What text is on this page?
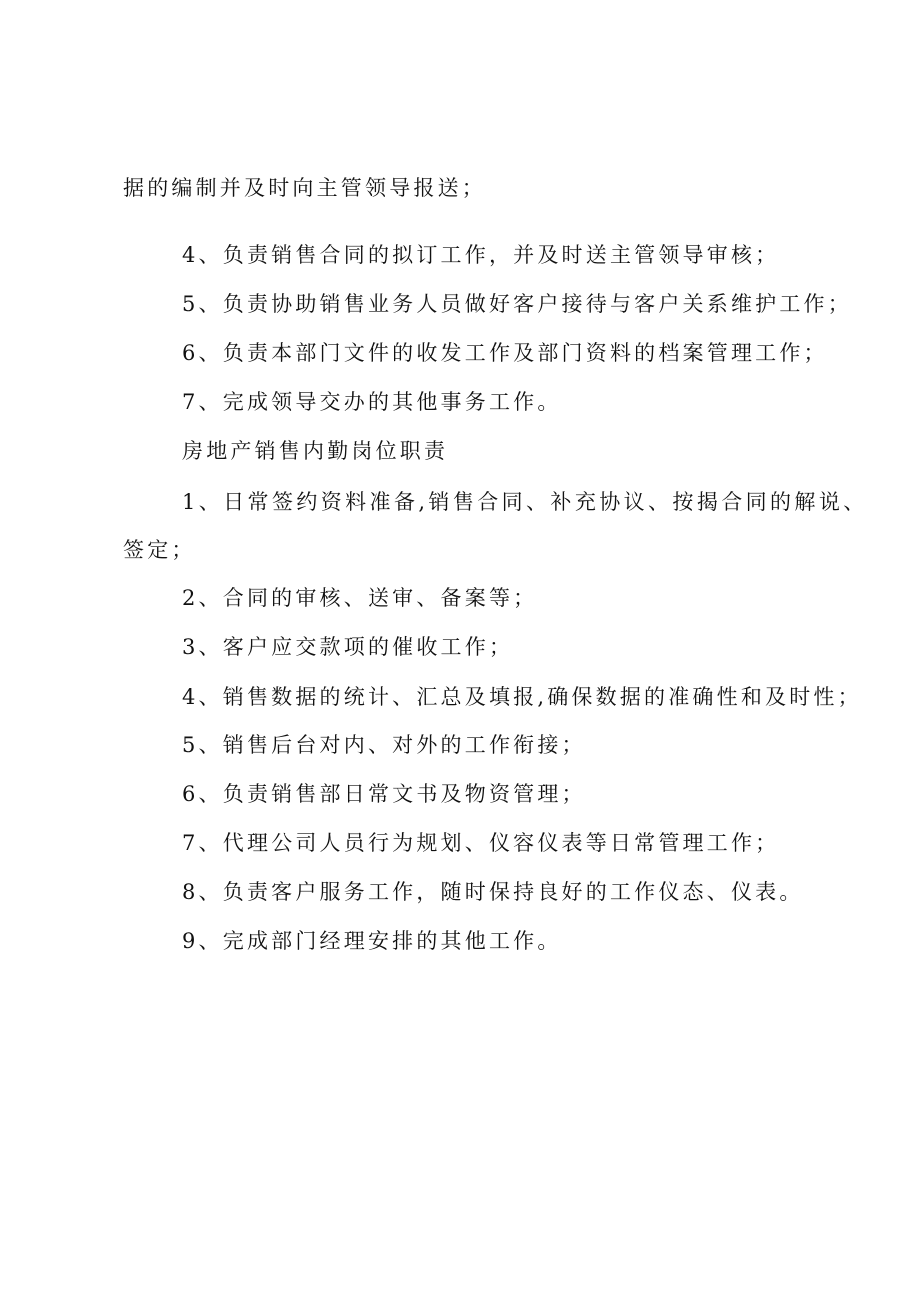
据的编制并及时向主管领导报送；
4、负责销售合同的拟订工作，并及时送主管领导审核；
5、负责协助销售业务人员做好客户接待与客户关系维护工作；
6、负责本部门文件的收发工作及部门资料的档案管理工作；
7、完成领导交办的其他事务工作。
房地产销售内勤岗位职责
1、日常签约资料准备,销售合同、补充协议、按揭合同的解说、
签定；
2、合同的审核、送审、备案等；
3、客户应交款项的催收工作；
4、销售数据的统计、汇总及填报,确保数据的准确性和及时性；
5、销售后台对内、对外的工作衔接；
6、负责销售部日常文书及物资管理；
7、代理公司人员行为规划、仪容仪表等日常管理工作；
8、负责客户服务工作，随时保持良好的工作仪态、仪表。
9、完成部门经理安排的其他工作。
